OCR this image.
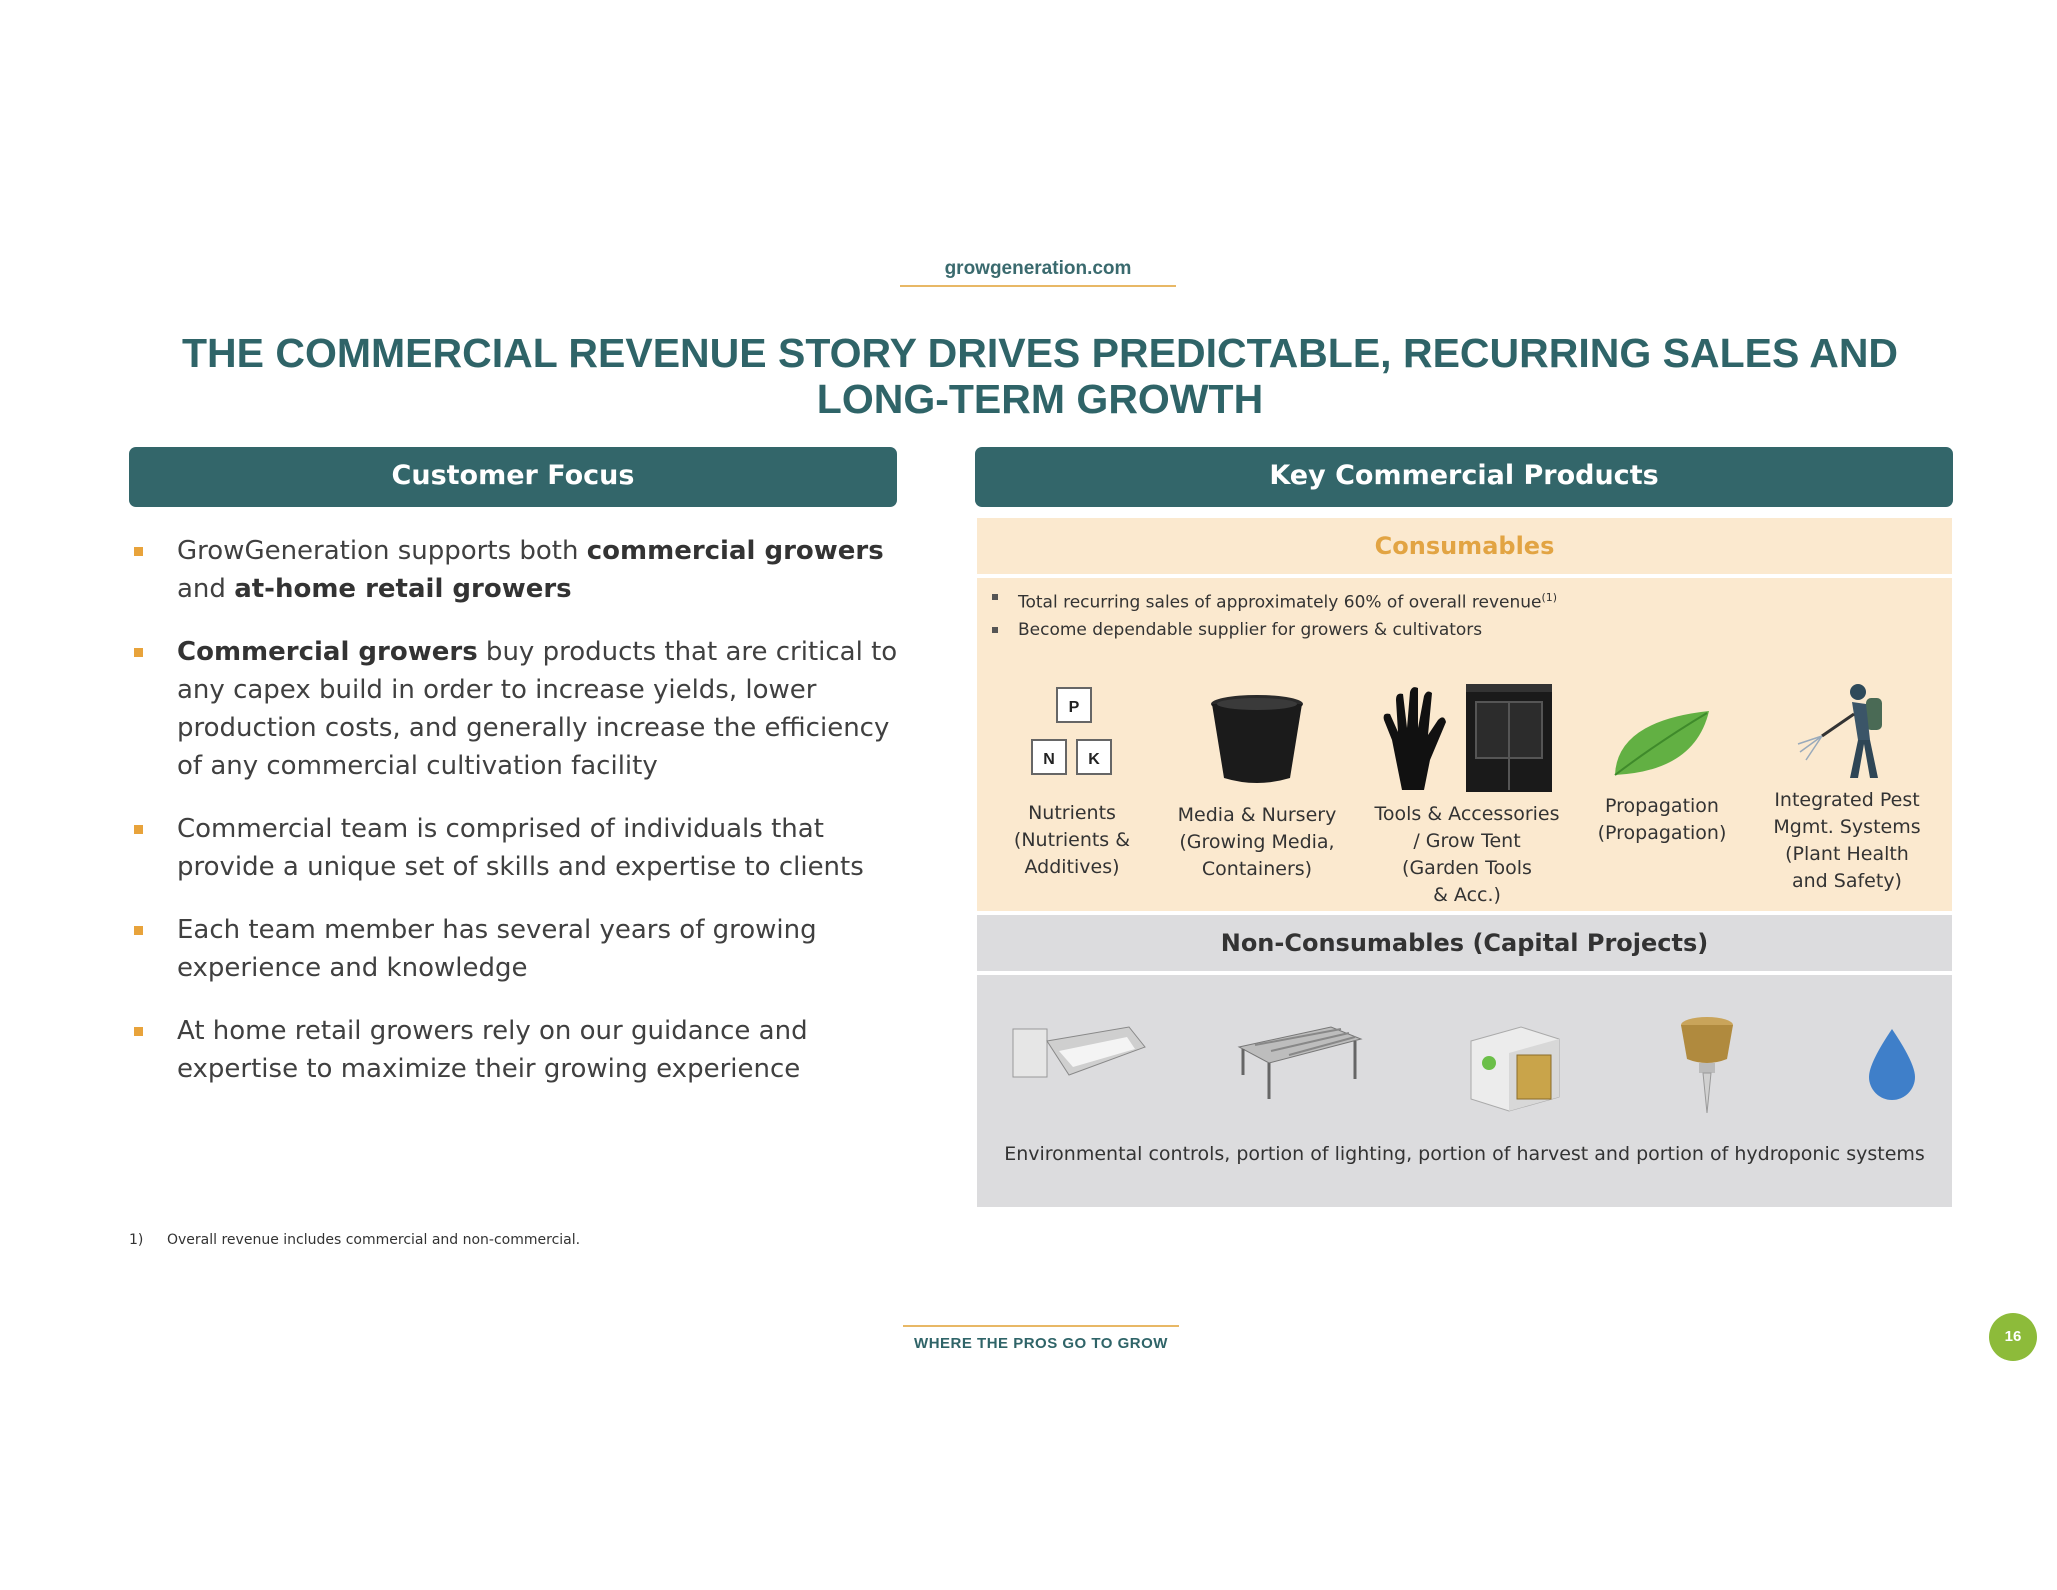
growgeneration.com
THE COMMERCIAL REVENUE STORY DRIVES PREDICTABLE, RECURRING SALES AND
LONG-TERM GROWTH
Customer Focus
GrowGeneration supports both commercial growers and at-home retail growers
Commercial growers buy products that are critical to any capex build in order to increase yields, lower production costs, and generally increase the efficiency of any commercial cultivation facility
Commercial team is comprised of individuals that provide a unique set of skills and expertise to clients
Each team member has several years of growing experience and knowledge
At home retail growers rely on our guidance and expertise to maximize their growing experience
Key Commercial Products
Consumables
Total recurring sales of approximately 60% of overall revenue$^{(1)}$
Become dependable supplier for growers & cultivators
P
N K
Nutrients
(Nutrients &
Additives)
Media & Nursery
(Growing Media,
Containers)
Tools & Accessories
/ Grow Tent
(Garden Tools
& Acc.)
Propagation
(Propagation)
Integrated Pest
Mgmt. Systems
(Plant Health
and Safety)
Non-Consumables (Capital Projects)
Environmental controls, portion of lighting, portion of harvest and portion of hydroponic systems
1) Overall revenue includes commercial and non-commercial.
WHERE THE PROS GO TO GROW	16
